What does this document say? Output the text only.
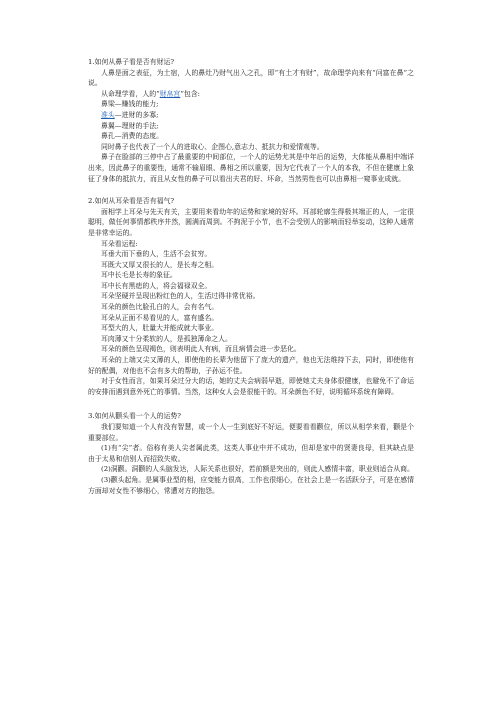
1.如何从鼻子看是否有财运?

人鼻是面之表征，为土宿，人的鼻灶乃财气出入之孔，即“有土才有财”，故命理学向来有“问富在鼻”之说。

从命理学看，人的“财帛宫”包含:

鼻梁—赚钱的能力;

准头—进财的多寡;

鼻翼—理财的手法;

鼻孔—消费的态度。

同时鼻子也代表了一个人的进取心、企图心,意志力、抵抗力和爱情观等。

鼻子在脸部的三停中占了最重要的中间部位，一个人的运势尤其是中年后的运势，大体能从鼻相中端详出来，因此鼻子的重要性，通常不输眉眼、鼻相之所以重要，因为它代表了一个人的本我，不但在健康上象征了身体的抵抗力，而且从女性的鼻子可以看出夫君的好、坏命，当然男性也可以由鼻相一窥事业成就。

2.如何从耳朵看是否有福气?

面相学上耳朵与先天有关，主要用来看幼年的运势和家境的好坏。耳部轮廓生得极其端正的人，一定很聪明，做任何事情都秩序井然，圆满而周到。不拘泥于小节，也不会受别人的影响而轻举妄动，这种人通常是非常幸运的。

耳朵看运程:

耳垂大而下垂的人，生活不会贫穷。

耳既大又厚又很长的人，是长寿之相。

耳中长毛是长寿的象征。

耳中长有黑痣的人，将会福禄双全。

耳朵坚硬并呈现出粉红色的人，生活过得非常优裕。

耳朵的颜色比脸孔白的人，会有名气。

耳朵从正面不易看见的人，富有盛名。

耳型大的人，肚量大并能成就大事业。

耳肉薄又十分柔软的人，是孤独薄命之人。

耳朵的颜色呈现褐色，则表明此人有病，而且病情会进一步恶化。

耳朵的上端又尖又薄的人，即使他的长辈为他留下了庞大的遗产，他也无法维持下去，同时，即使他有好的配偶，对他也不会有多大的帮助，子孙运不佳。

对于女性而言，如果耳朵过分大的话，她的丈夫会病弱早逝，即使她丈夫身体很健康，也避免不了命运的安排而遇到意外死亡的事情。当然，这种女人会是很能干的。耳朵颜色不好，说明循环系统有障碍。

3.如何从颧头看一个人的运势?

我们要知道一个人有没有智慧，或一个人一生到底好不好运，便要看看颧位，所以从相学来看，颧是个重要部位。

(1)有“尖”者。俗称有美人尖者属此类，这类人事业中并不成功，但却是家中的贤妻良母，但其缺点是由于太易和信别人而招致失败。

(2)洞颧。洞颧的人头脑发达，人际关系也很好，若前额是突出的，则此人感情丰富，职业则适合从商。

(3)颧头起角。是属事业型的相，应变能力很高，工作也很细心，在社会上是一名活跃分子，可是在感情方面却对女性不够细心，常遭对方的抱怨。
